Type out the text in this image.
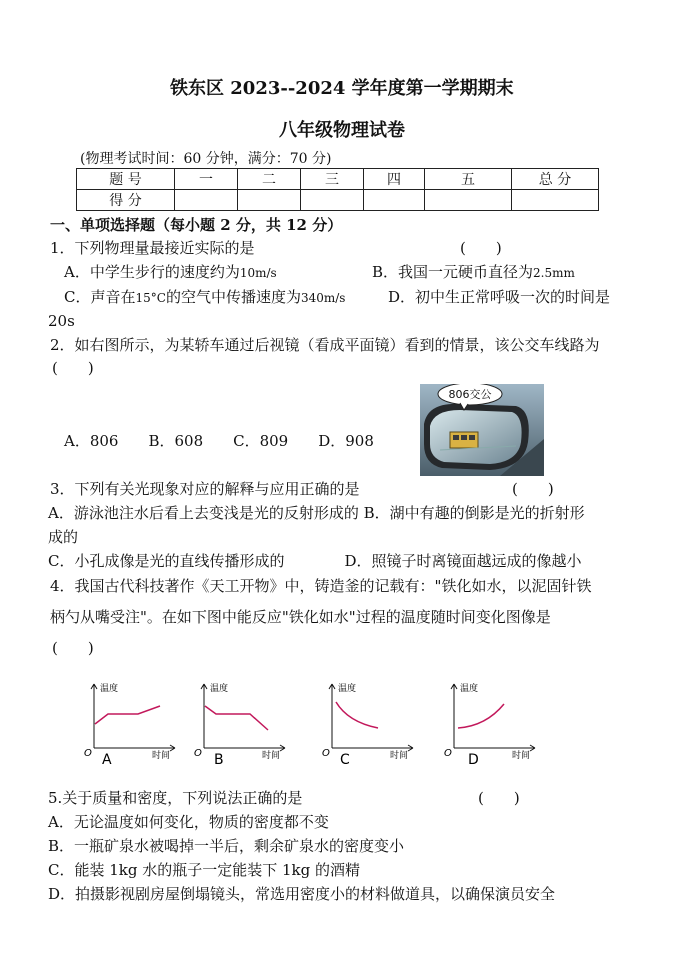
铁东区 2023--2024 学年度第一学期期末
八年级物理试卷
(物理考试时间：60 分钟，满分：70 分)
题 号	一	二	三	四	五	总 分
得 分						
一、单项选择题（每小题 2 分，共 12 分）
1．下列物理量最接近实际的是	(　　)
A．中学生步行的速度约为10m/s	B．我国一元硬币直径为2.5mm
C．声音在15°C的空气中传播速度为340m/s	D．初中生正常呼吸一次的时间是
20s
2．如右图所示，为某轿车通过后视镜（看成平面镜）看到的情景，该公交车线路为
(　　)
A．806　　B．608　　C．809　　D．908
806交公
3．下列有关光现象对应的解释与应用正确的是	(　　)
A．游泳池注水后看上去变浅是光的反射形成的 B．湖中有趣的倒影是光的折射形
成的
C．小孔成像是光的直线传播形成的　　　　D．照镜子时离镜面越远成的像越小
4．我国古代科技著作《天工开物》中，铸造釜的记载有："铁化如水，以泥固针铁
柄勺从嘴受注"。在如下图中能反应"铁化如水"过程的温度随时间变化图像是
(　　)
温度
时间
O A
温度
时间
O B
温度
时间
O C
温度
时间
O D
5.关于质量和密度，下列说法正确的是	(　　)
A．无论温度如何变化，物质的密度都不变
B．一瓶矿泉水被喝掉一半后，剩余矿泉水的密度变小
C．能装 1kg 水的瓶子一定能装下 1kg 的酒精
D．拍摄影视剧房屋倒塌镜头，常选用密度小的材料做道具，以确保演员安全
